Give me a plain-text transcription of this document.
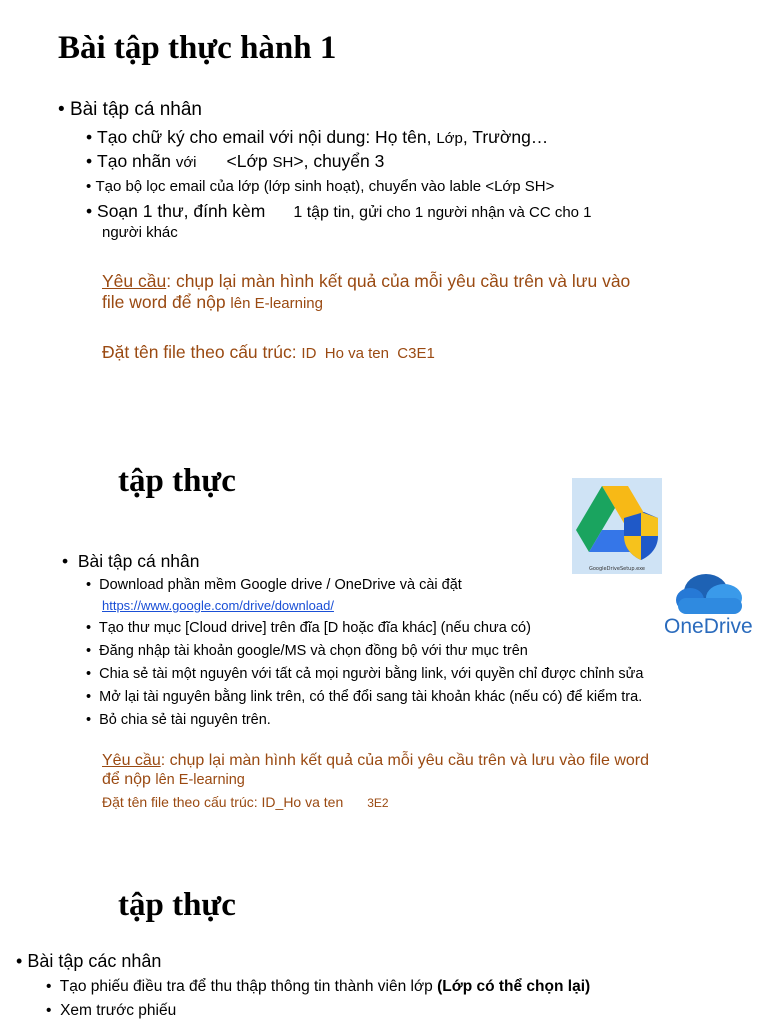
Bài tập thực hành 1
• Bài tập cá nhân
• Tạo chữ ký cho email với nội dung: Họ tên, Lớp, Trường…
• Tạo nhãn với <Lớp SH>, chuyển 3
• Tạo bộ lọc email của lớp (lớp sinh hoạt), chuyển vào lable <Lớp SH>
• Soạn 1 thư, đính kèm 1 tập tin, gửi cho 1 người nhận và CC cho 1
người khác
Yêu cầu: chụp lại màn hình kết quả của mỗi yêu cầu trên và lưu vào
file word để nộp lên E-learning
Đặt tên file theo cấu trúc: ID  Ho va ten  C3E1
tập thực
GoogleDriveSetup.exe
OneDrive
• Bài tập cá nhân
• Download phần mềm Google drive / OneDrive và cài đặt
https://www.google.com/drive/download/
• Tạo thư mục [Cloud drive] trên đĩa [D hoặc đĩa khác] (nếu chưa có)
• Đăng nhập tài khoản google/MS và chọn đồng bộ với thư mục trên
• Chia sẻ tài một nguyên với tất cả mọi người bằng link, với quyền chỉ được chỉnh sửa
• Mở lại tài nguyên bằng link trên, có thể đổi sang tài khoản khác (nếu có) để kiểm tra.
• Bỏ chia sẻ tài nguyên trên.
Yêu cầu: chụp lại màn hình kết quả của mỗi yêu cầu trên và lưu vào file word
để nộp lên E-learning
Đặt tên file theo cấu trúc: ID_Ho va ten 3E2
tập thực
• Bài tập các nhân
• Tạo phiếu điều tra để thu thập thông tin thành viên lớp (Lớp có thể chọn lại)
• Xem trước phiếu
